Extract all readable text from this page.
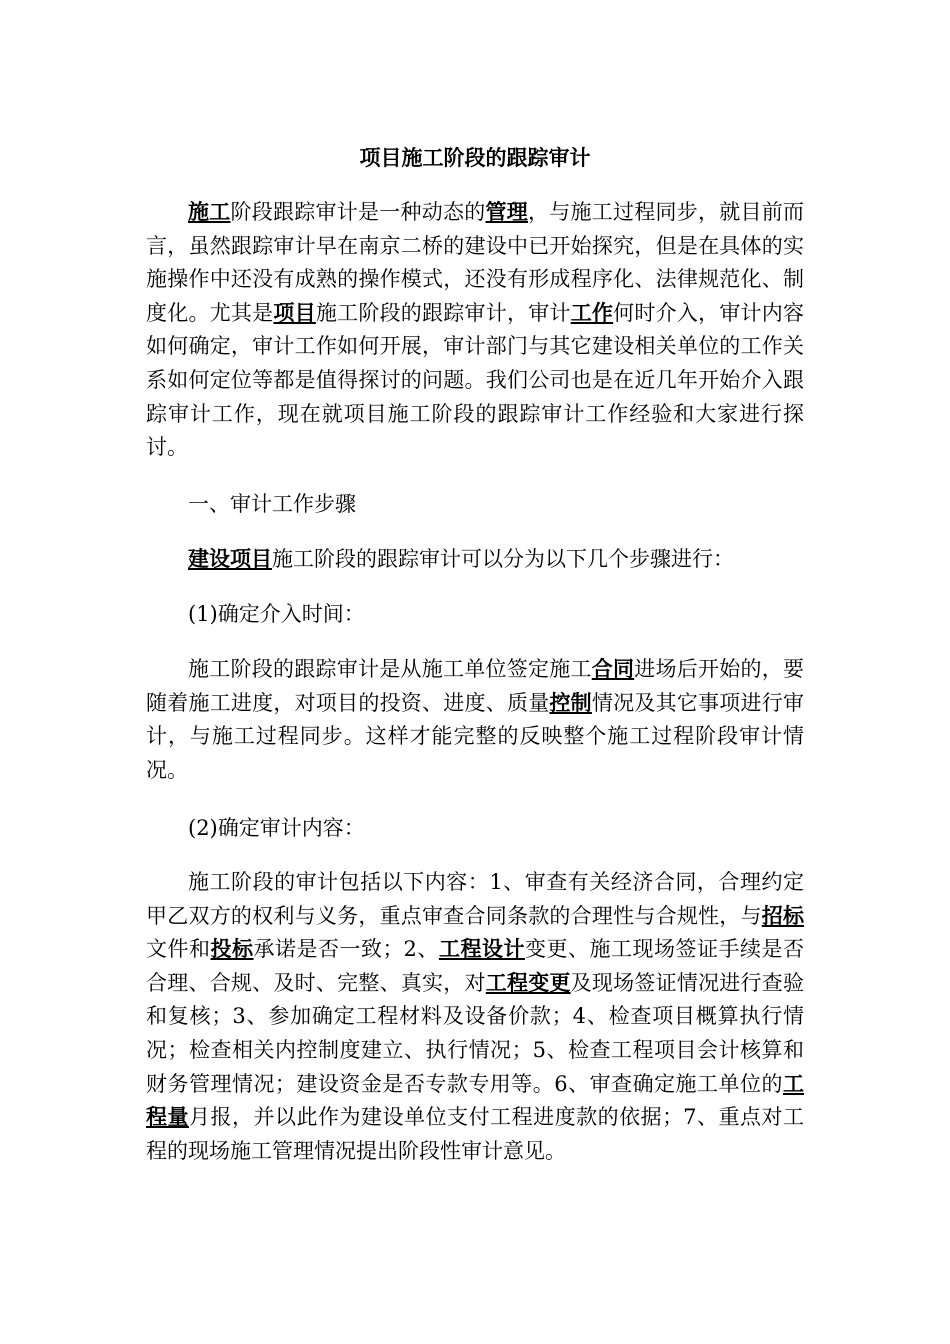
项目施工阶段的跟踪审计

施工阶段跟踪审计是一种动态的管理，与施工过程同步，就目前而言，虽然跟踪审计早在南京二桥的建设中已开始探究，但是在具体的实施操作中还没有成熟的操作模式，还没有形成程序化、法律规范化、制度化。尤其是项目施工阶段的跟踪审计，审计工作何时介入，审计内容如何确定，审计工作如何开展，审计部门与其它建设相关单位的工作关系如何定位等都是值得探讨的问题。我们公司也是在近几年开始介入跟踪审计工作，现在就项目施工阶段的跟踪审计工作经验和大家进行探讨。

一、审计工作步骤

建设项目施工阶段的跟踪审计可以分为以下几个步骤进行：

(1)确定介入时间：

施工阶段的跟踪审计是从施工单位签定施工合同进场后开始的，要随着施工进度，对项目的投资、进度、质量控制情况及其它事项进行审计，与施工过程同步。这样才能完整的反映整个施工过程阶段审计情况。

(2)确定审计内容：

施工阶段的审计包括以下内容：1、审查有关经济合同，合理约定甲乙双方的权利与义务，重点审查合同条款的合理性与合规性，与招标文件和投标承诺是否一致；2、工程设计变更、施工现场签证手续是否合理、合规、及时、完整、真实，对工程变更及现场签证情况进行查验和复核；3、参加确定工程材料及设备价款；4、检查项目概算执行情况；检查相关内控制度建立、执行情况；5、检查工程项目会计核算和财务管理情况；建设资金是否专款专用等。6、审查确定施工单位的工程量月报，并以此作为建设单位支付工程进度款的依据；7、重点对工程的现场施工管理情况提出阶段性审计意见。
